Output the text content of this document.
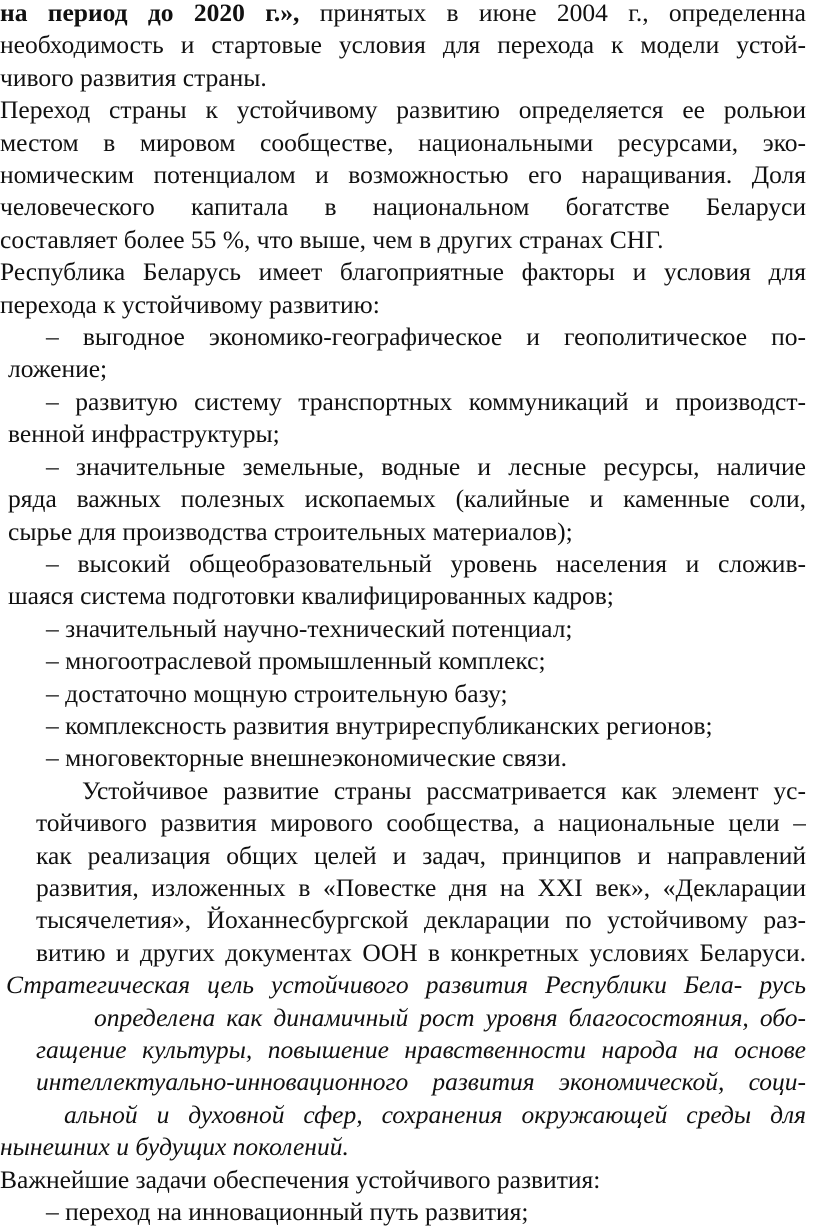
на период до 2020 г.», принятых в июне 2004 г., определенна
необходимость и стартовые условия для перехода к модели устой-
чивого развития страны.
Переход страны к устойчивому развитию определяется ее рольюи
местом в мировом сообществе, национальными ресурсами, эко-
номическим потенциалом и возможностью его наращивания. Доля
человеческого капитала в национальном богатстве Беларуси
составляет более 55 %, что выше, чем в других странах СНГ.
Республика Беларусь имеет благоприятные факторы и условия для
перехода к устойчивому развитию:
– выгодное экономико-географическое и геополитическое по-
ложение;
– развитую систему транспортных коммуникаций и производст-
венной инфраструктуры;
– значительные земельные, водные и лесные ресурсы, наличие
ряда важных полезных ископаемых (калийные и каменные соли,
сырье для производства строительных материалов);
– высокий общеобразовательный уровень населения и сложив-
шаяся система подготовки квалифицированных кадров;
– значительный научно-технический потенциал;
– многоотраслевой промышленный комплекс;
– достаточно мощную строительную базу;
– комплексность развития внутриреспубликанских регионов;
– многовекторные внешнеэкономические связи.
Устойчивое развитие страны рассматривается как элемент ус-
тойчивого развития мирового сообщества, а национальные цели –
как реализация общих целей и задач, принципов и направлений
развития, изложенных в «Повестке дня на XXI век», «Декларации
тысячелетия», Йоханнесбургской декларации по устойчивому раз-
витию и других документах ООН в конкретных условиях Беларуси.
Стратегическая цель устойчивого развития Республики Бела- русь
определена как динамичный рост уровня благосостояния, обо-
гащение культуры, повышение нравственности народа на основе
интеллектуально-инновационного развития экономической, соци-
альной и духовной сфер, сохранения окружающей среды для
нынешних и будущих поколений.
Важнейшие задачи обеспечения устойчивого развития:
– переход на инновационный путь развития;
